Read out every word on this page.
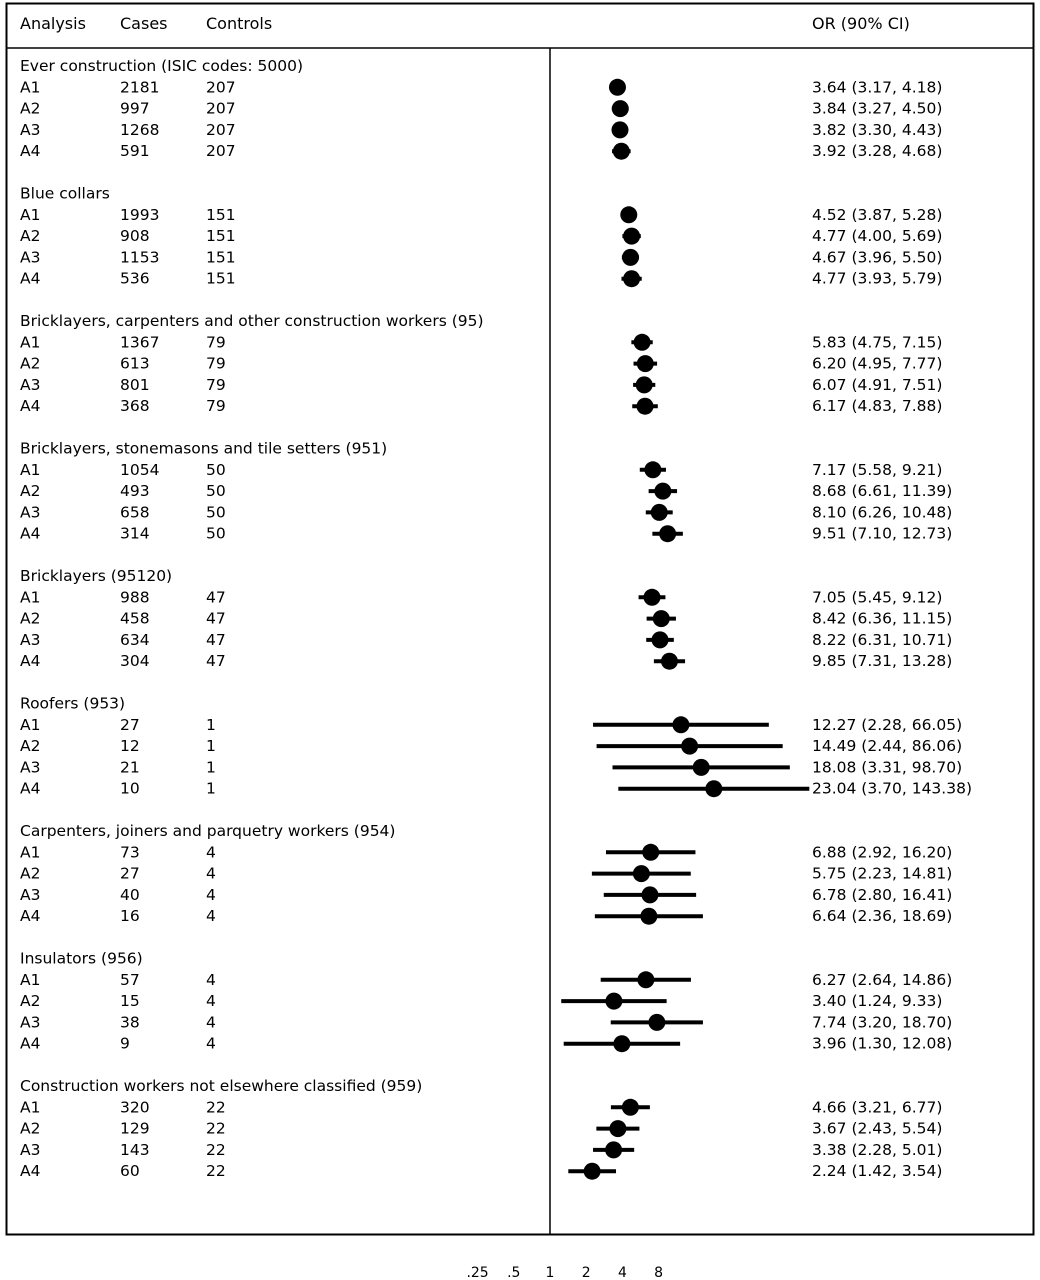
Analysis Cases Controls	OR (90% CI)
Ever construction (ISIC codes: 5000)
A1	2181	207	3.64 (3.17, 4.18)
A2	997	207	3.84 (3.27, 4.50)
A3	1268	207	3.82 (3.30, 4.43)
A4	591	207	3.92 (3.28, 4.68)
Blue collars
A1	1993	151	4.52 (3.87, 5.28)
A2	908	151	4.77 (4.00, 5.69)
A3	1153	151	4.67 (3.96, 5.50)
A4	536	151	4.77 (3.93, 5.79)
Bricklayers, carpenters and other construction workers (95)
A1	1367	79	5.83 (4.75, 7.15)
A2	613	79	6.20 (4.95, 7.77)
A3	801	79	6.07 (4.91, 7.51)
A4	368	79	6.17 (4.83, 7.88)
Bricklayers, stonemasons and tile setters (951)
A1	1054	50	7.17 (5.58, 9.21)
A2	493	50	8.68 (6.61, 11.39)
A3	658	50	8.10 (6.26, 10.48)
A4	314	50	9.51 (7.10, 12.73)
Bricklayers (95120)
A1	988	47	7.05 (5.45, 9.12)
A2	458	47	8.42 (6.36, 11.15)
A3	634	47	8.22 (6.31, 10.71)
A4	304	47	9.85 (7.31, 13.28)
Roofers (953)
A1	27	1	12.27 (2.28, 66.05)
A2	12	1	14.49 (2.44, 86.06)
A3	21	1	18.08 (3.31, 98.70)
A4	10	1	23.04 (3.70, 143.38)
Carpenters, joiners and parquetry workers (954)
A1	73	4	6.88 (2.92, 16.20)
A2	27	4	5.75 (2.23, 14.81)
A3	40	4	6.78 (2.80, 16.41)
A4	16	4	6.64 (2.36, 18.69)
Insulators (956)
A1	57	4	6.27 (2.64, 14.86)
A2	15	4	3.40 (1.24, 9.33)
A3	38	4	7.74 (3.20, 18.70)
A4	9	4	3.96 (1.30, 12.08)
Construction workers not elsewhere classified (959)
A1	320	22	4.66 (3.21, 6.77)
A2	129	22	3.67 (2.43, 5.54)
A3	143	22	3.38 (2.28, 5.01)
A4	60	22	2.24 (1.42, 3.54)
.25 .5 1 2 4 8
